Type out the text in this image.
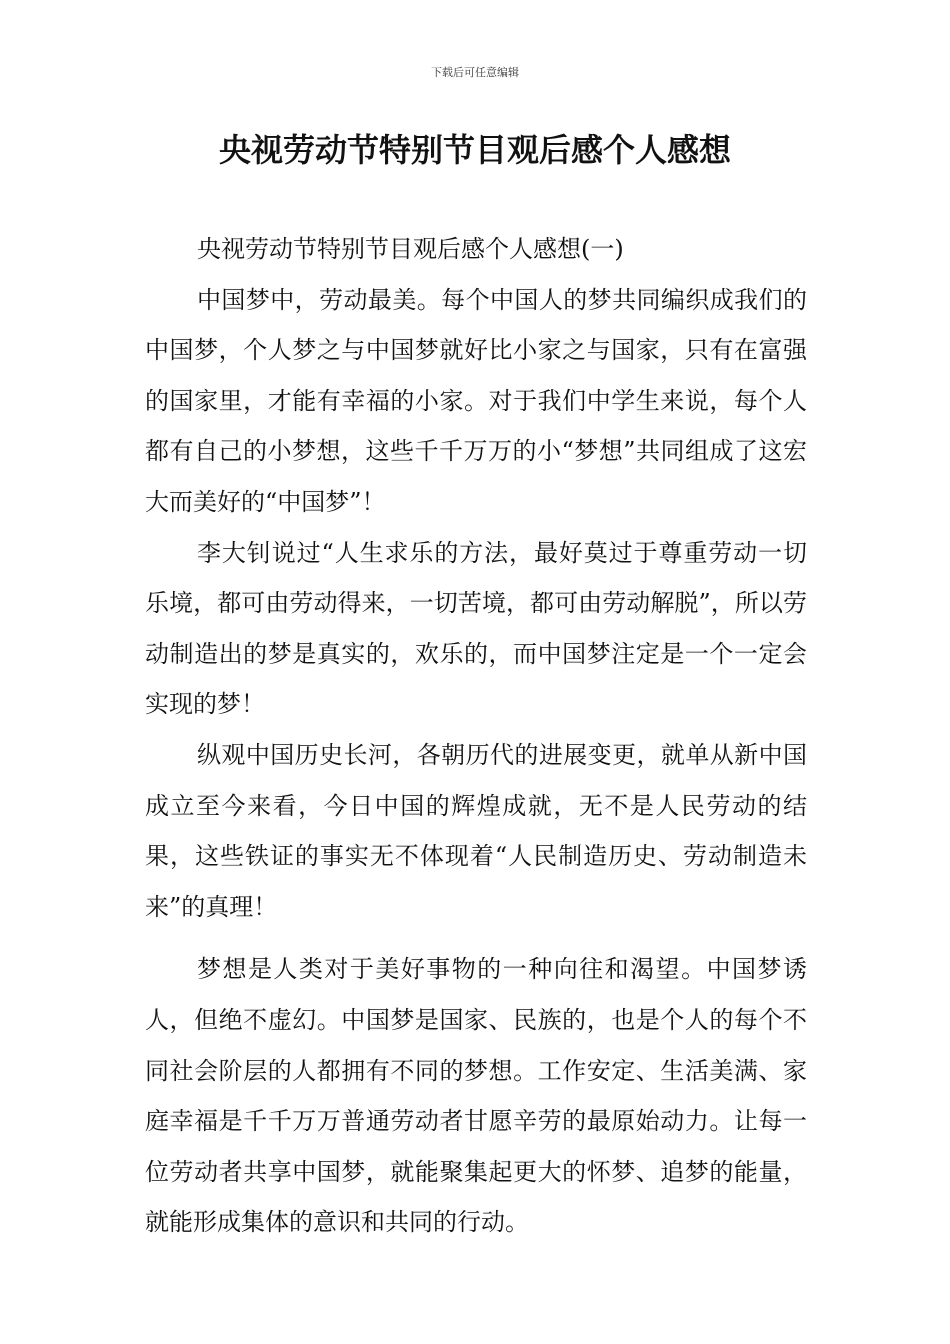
下载后可任意编辑
央视劳动节特别节目观后感个人感想

央视劳动节特别节目观后感个人感想(一)

中国梦中，劳动最美。每个中国人的梦共同编织成我们的中国梦，个人梦之与中国梦就好比小家之与国家，只有在富强的国家里，才能有幸福的小家。对于我们中学生来说，每个人都有自己的小梦想，这些千千万万的小“梦想”共同组成了这宏大而美好的“中国梦”！

李大钊说过“人生求乐的方法，最好莫过于尊重劳动一切乐境，都可由劳动得来，一切苦境，都可由劳动解脱”，所以劳动制造出的梦是真实的，欢乐的，而中国梦注定是一个一定会实现的梦！

纵观中国历史长河，各朝历代的进展变更，就单从新中国成立至今来看，今日中国的辉煌成就，无不是人民劳动的结果，这些铁证的事实无不体现着“人民制造历史、劳动制造未来”的真理！

梦想是人类对于美好事物的一种向往和渴望。中国梦诱人，但绝不虚幻。中国梦是国家、民族的，也是个人的每个不同社会阶层的人都拥有不同的梦想。工作安定、生活美满、家庭幸福是千千万万普通劳动者甘愿辛劳的最原始动力。让每一位劳动者共享中国梦，就能聚集起更大的怀梦、追梦的能量，就能形成集体的意识和共同的行动。
